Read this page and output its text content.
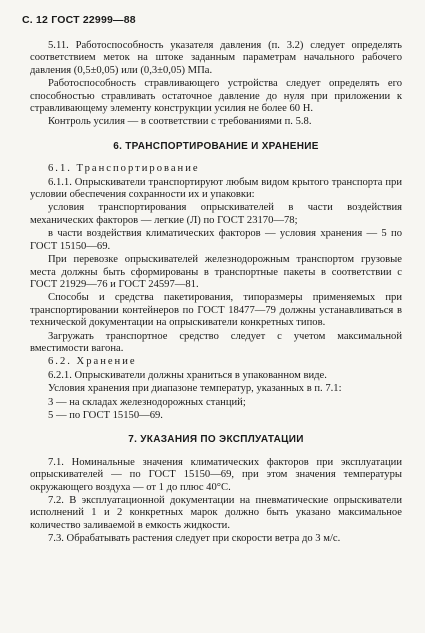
С. 12 ГОСТ 22999—88

5.11. Работоспособность указателя давления (п. 3.2) следует определять соответствием меток на штоке заданным параметрам начального рабочего давления (0,5±0,05) или (0,3±0,05) МПа.

Работоспособность стравливающего устройства следует определять его способностью стравливать остаточное давление до нуля при приложении к стравливающему элементу конструкции усилия не более 60 Н.

Контроль усилия — в соответствии с требованиями п. 5.8.

6. ТРАНСПОРТИРОВАНИЕ И ХРАНЕНИЕ

6.1. Транспортирование

6.1.1. Опрыскиватели транспортируют любым видом крытого транспорта при условии обеспечения сохранности их и упаковки:

условия транспортирования опрыскивателей в части воздействия механических факторов — легкие (Л) по ГОСТ 23170—78;

в части воздействия климатических факторов — условия хранения — 5 по ГОСТ 15150—69.

При перевозке опрыскивателей железнодорожным транспортом грузовые места должны быть сформированы в транспортные пакеты в соответствии с ГОСТ 21929—76 и ГОСТ 24597—81.

Способы и средства пакетирования, типоразмеры применяемых при транспортировании контейнеров по ГОСТ 18477—79 должны устанавливаться в технической документации на опрыскиватели конкретных типов.

Загружать транспортное средство следует с учетом максимальной вместимости вагона.

6.2. Хранение

6.2.1. Опрыскиватели должны храниться в упакованном виде.

Условия хранения при диапазоне температур, указанных в п. 7.1:

3 — на складах железнодорожных станций;

5 — по ГОСТ 15150—69.

7. УКАЗАНИЯ ПО ЭКСПЛУАТАЦИИ

7.1. Номинальные значения климатических факторов при эксплуатации опрыскивателей — по ГОСТ 15150—69, при этом значения температуры окружающего воздуха — от 1 до плюс 40°С.

7.2. В эксплуатационной документации на пневматические опрыскиватели исполнений 1 и 2 конкретных марок должно быть указано максимальное количество заливаемой в емкость жидкости.

7.3. Обрабатывать растения следует при скорости ветра до 3 м/с.
